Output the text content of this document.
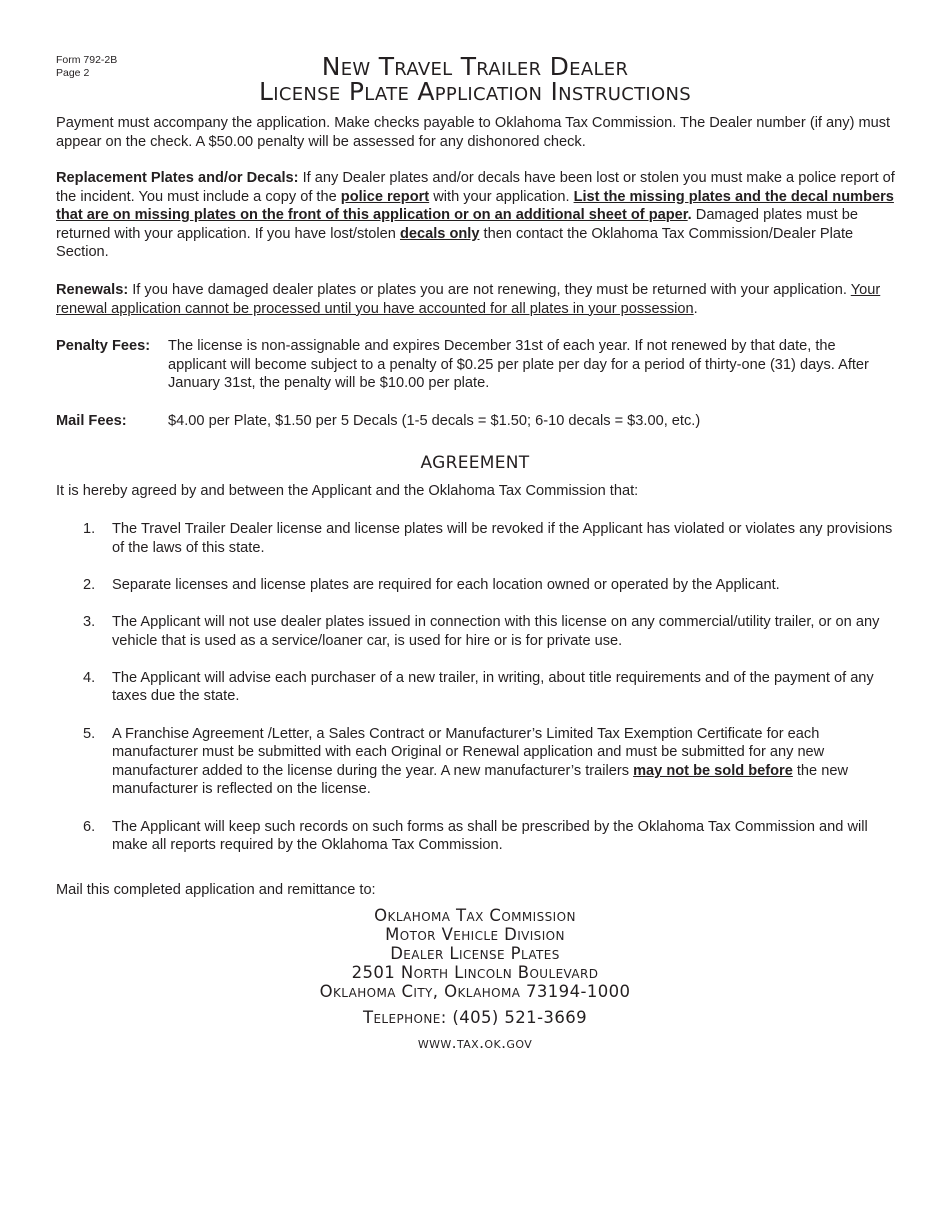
Form 792-2B
Page 2	New Travel Trailer Dealer
License Plate Application Instructions
Payment must accompany the application. Make checks payable to Oklahoma Tax Commission. The Dealer number (if any) must appear on the check. A $50.00 penalty will be assessed for any dishonored check.
Replacement Plates and/or Decals: If any Dealer plates and/or decals have been lost or stolen you must make a police report of the incident. You must include a copy of the police report with your application. List the missing plates and the decal numbers that are on missing plates on the front of this application or on an additional sheet of paper. Damaged plates must be returned with your application. If you have lost/stolen decals only then contact the Oklahoma Tax Commission/Dealer Plate Section.
Renewals: If you have damaged dealer plates or plates you are not renewing, they must be returned with your application. Your renewal application cannot be processed until you have accounted for all plates in your possession.
Penalty Fees:	The license is non-assignable and expires December 31st of each year. If not renewed by that date, the applicant will become subject to a penalty of $0.25 per plate per day for a period of thirty-one (31) days. After January 31st, the penalty will be $10.00 per plate.
Mail Fees:	$4.00 per Plate, $1.50 per 5 Decals (1-5 decals = $1.50; 6-10 decals = $3.00, etc.)
AGREEMENT
It is hereby agreed by and between the Applicant and the Oklahoma Tax Commission that:
1.	The Travel Trailer Dealer license and license plates will be revoked if the Applicant has violated or violates any provisions of the laws of this state.
2.	Separate licenses and license plates are required for each location owned or operated by the Applicant.
3.	The Applicant will not use dealer plates issued in connection with this license on any commercial/utility trailer, or on any vehicle that is used as a service/loaner car, is used for hire or is for private use.
4.	The Applicant will advise each purchaser of a new trailer, in writing, about title requirements and of the payment of any taxes due the state.
5.	A Franchise Agreement /Letter, a Sales Contract or Manufacturer’s Limited Tax Exemption Certificate for each manufacturer must be submitted with each Original or Renewal application and must be submitted for any new manufacturer added to the license during the year. A new manufacturer’s trailers may not be sold before the new manufacturer is reflected on the license.
6.	The Applicant will keep such records on such forms as shall be prescribed by the Oklahoma Tax Commission and will make all reports required by the Oklahoma Tax Commission.
Mail this completed application and remittance to:
Oklahoma Tax Commission
Motor Vehicle Division
Dealer License Plates
2501 North Lincoln Boulevard
Oklahoma City, Oklahoma 73194-1000
Telephone: (405) 521-3669
www.tax.ok.gov
